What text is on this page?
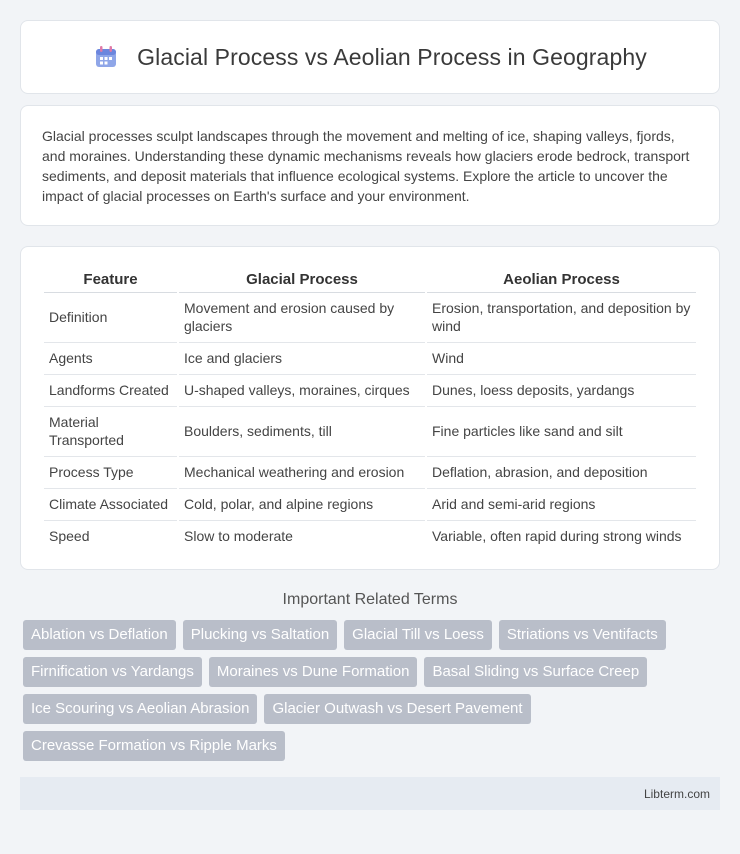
Glacial Process vs Aeolian Process in Geography

Glacial processes sculpt landscapes through the movement and melting of ice, shaping valleys, fjords, and moraines. Understanding these dynamic mechanisms reveals how glaciers erode bedrock, transport sediments, and deposit materials that influence ecological systems. Explore the article to uncover the impact of glacial processes on Earth's surface and your environment.

Feature	Glacial Process	Aeolian Process
Definition	Movement and erosion caused by glaciers	Erosion, transportation, and deposition by wind
Agents	Ice and glaciers	Wind
Landforms Created	U-shaped valleys, moraines, cirques	Dunes, loess deposits, yardangs
Material Transported	Boulders, sediments, till	Fine particles like sand and silt
Process Type	Mechanical weathering and erosion	Deflation, abrasion, and deposition
Climate Associated	Cold, polar, and alpine regions	Arid and semi-arid regions
Speed	Slow to moderate	Variable, often rapid during strong winds
Important Related Terms
Ablation vs Deflation	Plucking vs Saltation	Glacial Till vs Loess	Striations vs Ventifacts
Firnification vs Yardangs	Moraines vs Dune Formation	Basal Sliding vs Surface Creep
Ice Scouring vs Aeolian Abrasion	Glacier Outwash vs Desert Pavement
Crevasse Formation vs Ripple Marks
Libterm.com
